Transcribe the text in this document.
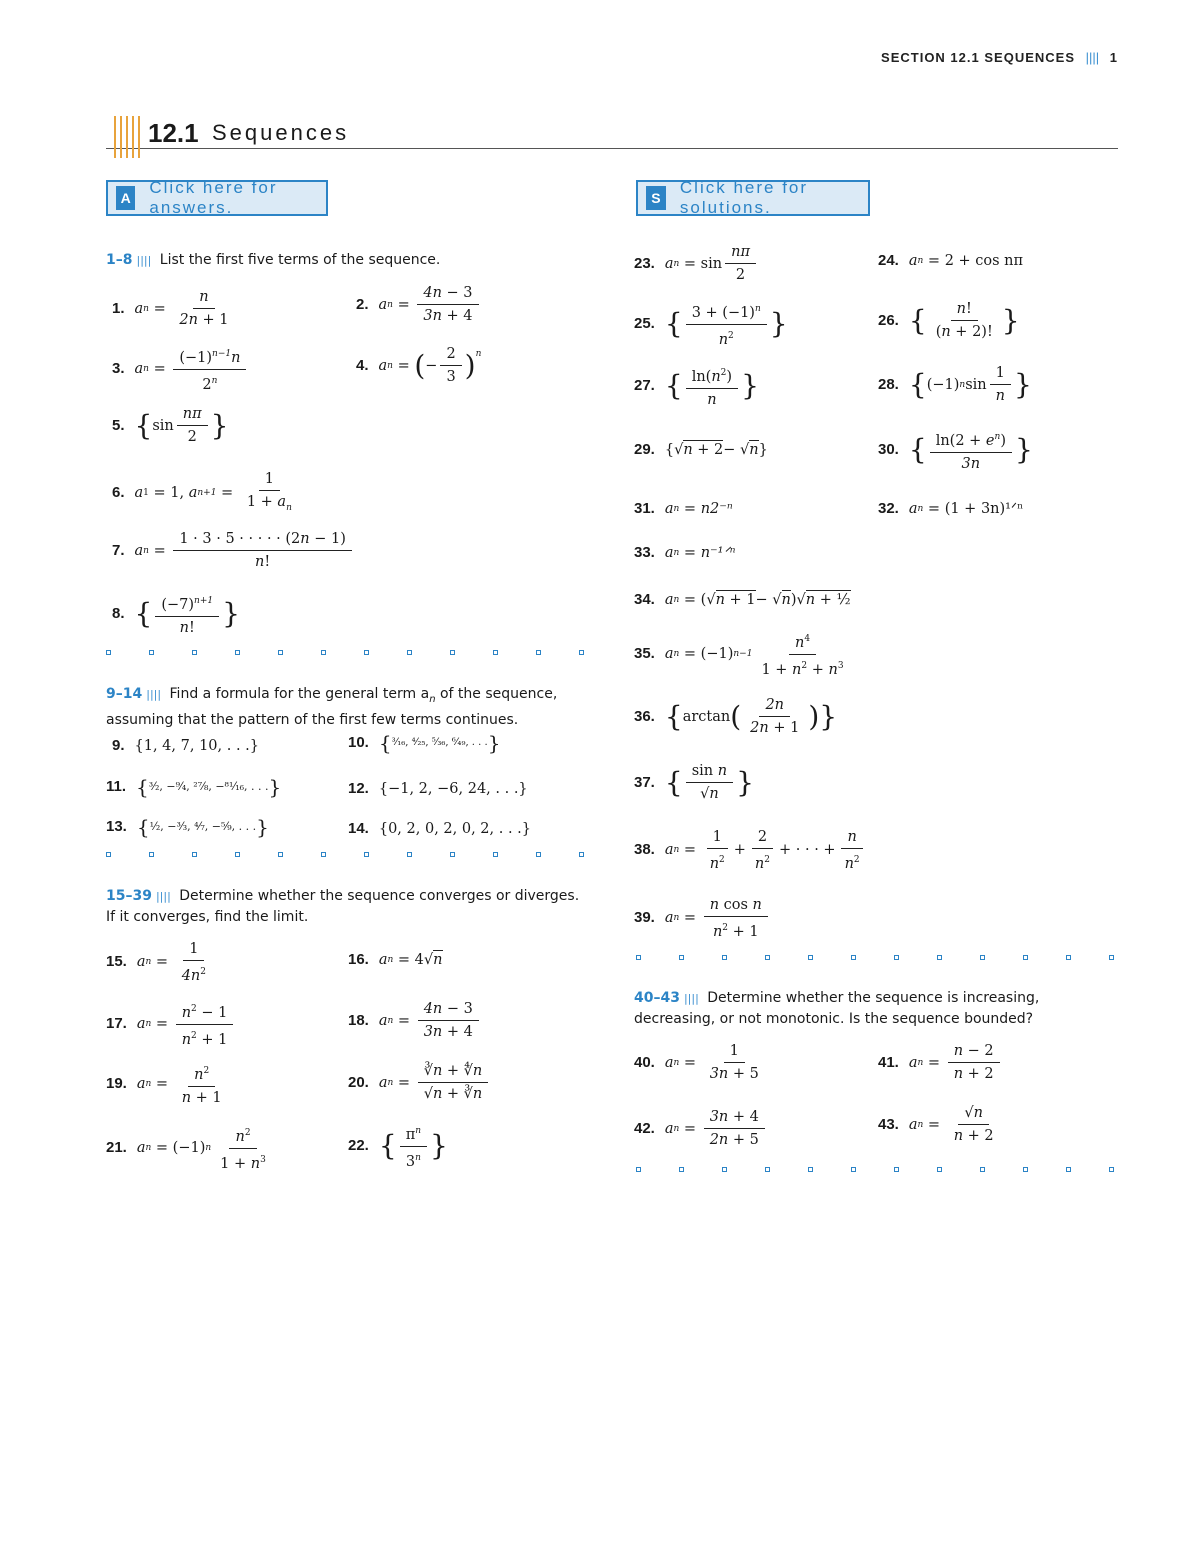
SECTION 12.1 SEQUENCES |||| 1
12.1 Sequences
A
Click here for answers.	S
Click here for solutions.
1–8 |||| List the first five terms of the sequence.
1. a $n = \frac{n}{2n + 1}$	2. a $n = \frac{4n - 3}{3n + 4}$
3. a $n = \frac{(-1)^{n-1}n}{2^n}$	4. a n = ( − $\frac{2}{3} )^n$
5. { $\sin \frac{n\pi}{2}$ }
6. a 1 = 1, a $n+1 = \frac{1}{1 + a_n}$
7. a $n = \frac{1 \cdot 3 \cdot 5 \cdot \cdot \cdot \cdot \cdot (2n - 1)}{n!}$
8. { $\frac{(-7)^{n+1}}{n!}$ }
9–14 |||| Find a formula for the general term $a_n$ of the sequence,
assuming that the pattern of the first few terms continues.
9. {1, 4, 7, 10, . . .}	10. { ³⁄₁₆, ⁴⁄₂₅, ⁵⁄₃₆, ⁶⁄₄₉, . . . }
11. { ³⁄₂, −⁹⁄₄, ²⁷⁄₈, −⁸¹⁄₁₆, . . . }	12. {−1, 2, −6, 24, . . .}
13. { ¹⁄₂, −³⁄₃, ⁴⁄₇, −⁵⁄₉, . . . }	14. {0, 2, 0, 2, 0, 2, . . .}
15–39 |||| Determine whether the sequence converges or diverges.
If it converges, find the limit.
15. a $n = \frac{1}{4n^2}$	16. a n = 4√ n
17. a $n = \frac{n^2 - 1}{n^2 + 1}$	18. a $n = \frac{4n - 3}{3n + 4}$
19. a $n = \frac{n^2}{n + 1}$	20. a $n = \frac{∛n + ∜n}{√n + ∛n}$
21. a n = (−1) n $\frac{n^2}{1 + n^3}$	22. { $\frac{\pi^n}{3^n}$ }
23. a $n = \sin \frac{n\pi}{2}$	24. a n = 2 + cos nπ
25. { $\frac{3 + (-1)^n}{n^2}$ }	26. { $\frac{n!}{(n + 2)!}$ }
27. { $\frac{\ln(n^2)}{n}$ }	28. { (−1) n $\sin \frac{1}{n}$ }
29. {√ n + 2 − √ n }	30. { $\frac{\ln(2 + e^n)}{3n}$ }
31. a n = n2⁻ⁿ	32. a n = (1 + 3n)¹ᐟⁿ
33. a n = n⁻¹ᐟⁿ
34. a n = (√ n + 1 − √ n )√ n + ½
35. a n = (−1) $n-1 \frac{n^4}{1 + n^2 + n^3}$
36. { arctan ( $\frac{2n}{2n + 1}$ )}
37. { $\frac{\text{sin n}}{√n}$ }
38. a $n = \frac{1}{n^2} + \frac{2}{n^2}$ + · · · + $\frac{n}{n^2}$
39. a $n = \frac{\text{n cos n}}{n^2 + 1}$
40–43 |||| Determine whether the sequence is increasing,
decreasing, or not monotonic. Is the sequence bounded?
40. a $n = \frac{1}{3n + 5}$	41. a $n = \frac{n - 2}{n + 2}$
42. a $n = \frac{3n + 4}{2n + 5}$	43. a $n = \frac{√n}{n + 2}$
